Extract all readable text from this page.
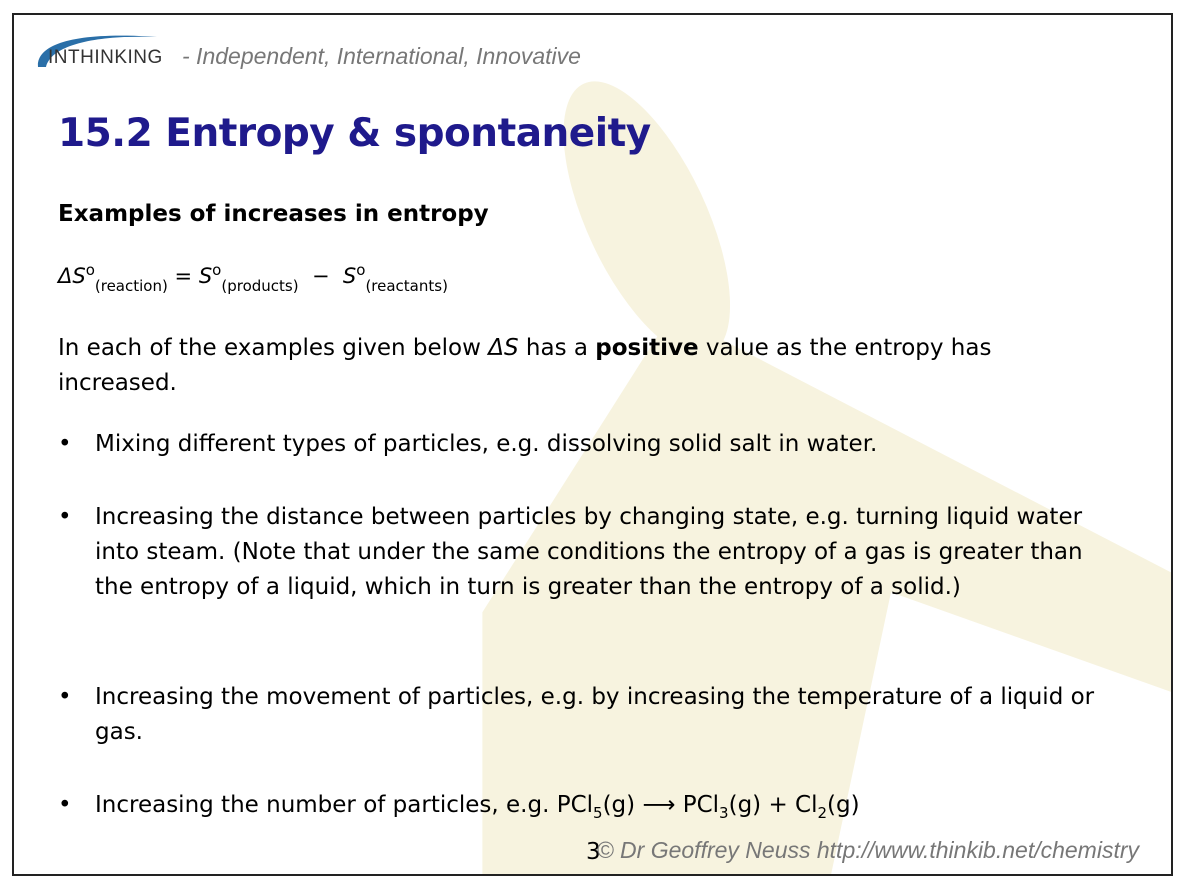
INTHINKING - Independent, International, Innovative
15.2 Entropy & spontaneity
Examples of increases in entropy
$\Delta S^o_{(reaction)} = S^o_{(products)} - S^o_{(reactants)}$
In each of the examples given below ΔS has a positive value as the entropy has increased.
• Mixing different types of particles, e.g. dissolving solid salt in water.
• Increasing the distance between particles by changing state, e.g. turning liquid water into steam. (Note that under the same conditions the entropy of a gas is greater than the entropy of a liquid, which in turn is greater than the entropy of a solid.)
• Increasing the movement of particles, e.g. by increasing the temperature of a liquid or gas.
• Increasing the number of particles, e.g. PCl$_5$(g) ⟶ $PCl_3(g) + Cl_2(g)$
3
© Dr Geoffrey Neuss http://www.thinkib.net/chemistry
